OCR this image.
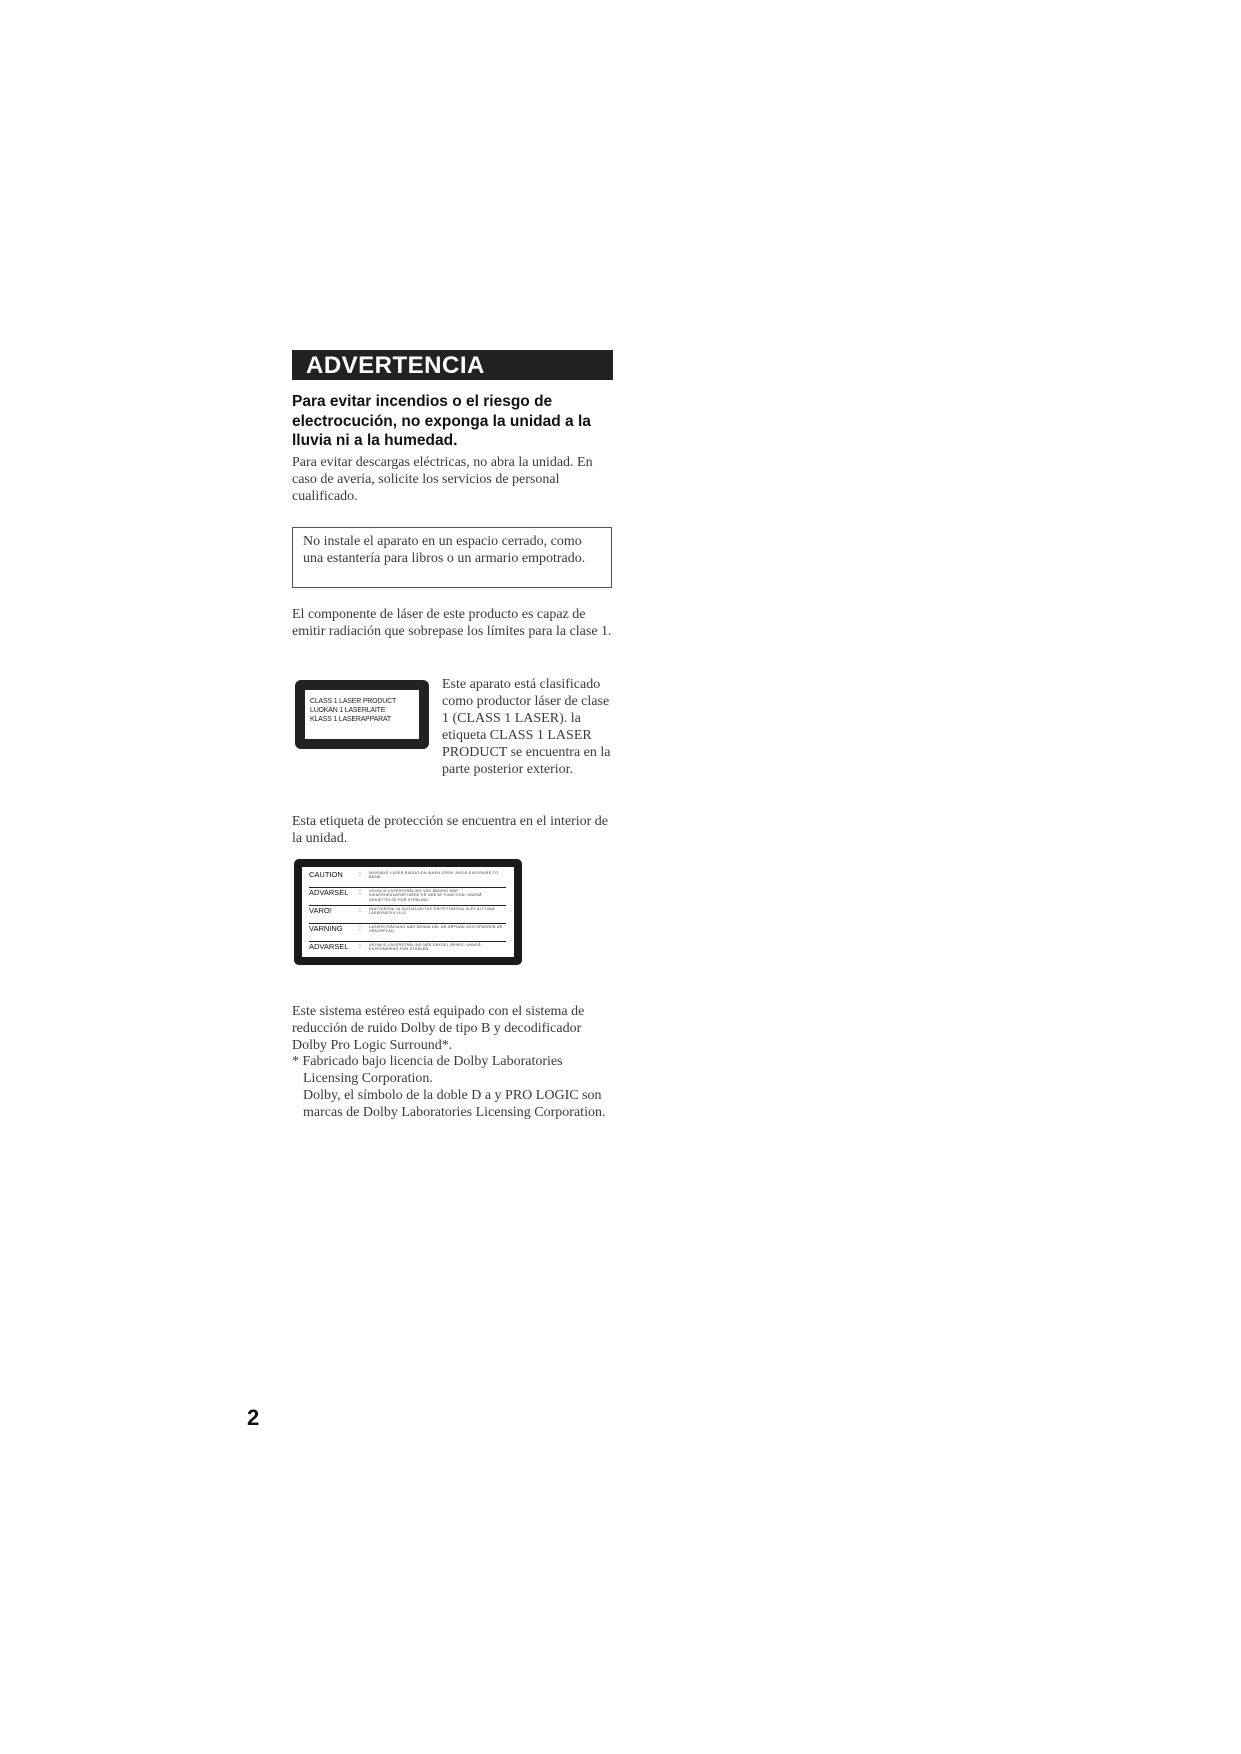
ADVERTENCIA
Para evitar incendios o el riesgo de electrocución, no exponga la unidad a la lluvia ni a la humedad.
Para evitar descargas eléctricas, no abra la unidad. En caso de avería, solicite los servicios de personal cualificado.
No instale el aparato en un espacio cerrado, como una estantería para libros o un armario empotrado.
El componente de láser de este producto es capaz de emitir radiación que sobrepase los límites para la clase 1.
CLASS 1 LASER PRODUCT
LUOKAN 1 LASERLAITE
KLASS 1 LASERAPPARAT
Este aparato está clasificado como productor láser de clase 1 (CLASS 1 LASER). la etiqueta CLASS 1 LASER PRODUCT se encuentra en la parte posterior exterior.
Esta etiqueta de protección se encuentra en el interior de la unidad.
CAUTION	:	INVISIBLE LASER RADIATION WHEN OPEN. AVOID EXPOSURE TO BEAM.
ADVARSEL	:	USYNLIG LASERSTRÅLING VED ÅBNING NÅR SIKKERHEDSAFBRYDERE ER UDE AF FUNKTION. UNDGÅ UDSÆTTELSE FOR STRÅLING.
VARO!	:	AVATTAESSA JA SUOJALUKITUS OHITETTAESSA OLET ALTTIINA LASERSÄTEILYLLE.
VARNING	:	LASERSTRÅLNING NÄR DENNA DEL ÄR ÖPPNAD OCH SPÄRREN ÄR URKOPPLAD.
ADVARSEL	:	USYNLIG LASERSTRÅLING NÅR DEKSEL ÅPNES. UNNGÅ EKSPONERING FOR STRÅLEN.
Este sistema estéreo está equipado con el sistema de reducción de ruido Dolby de tipo B y decodificador Dolby Pro Logic Surround*.
* Fabricado bajo licencia de Dolby Laboratories
Licensing Corporation.
Dolby, el símbolo de la doble D a y PRO LOGIC son marcas de Dolby Laboratories Licensing Corporation.
2
